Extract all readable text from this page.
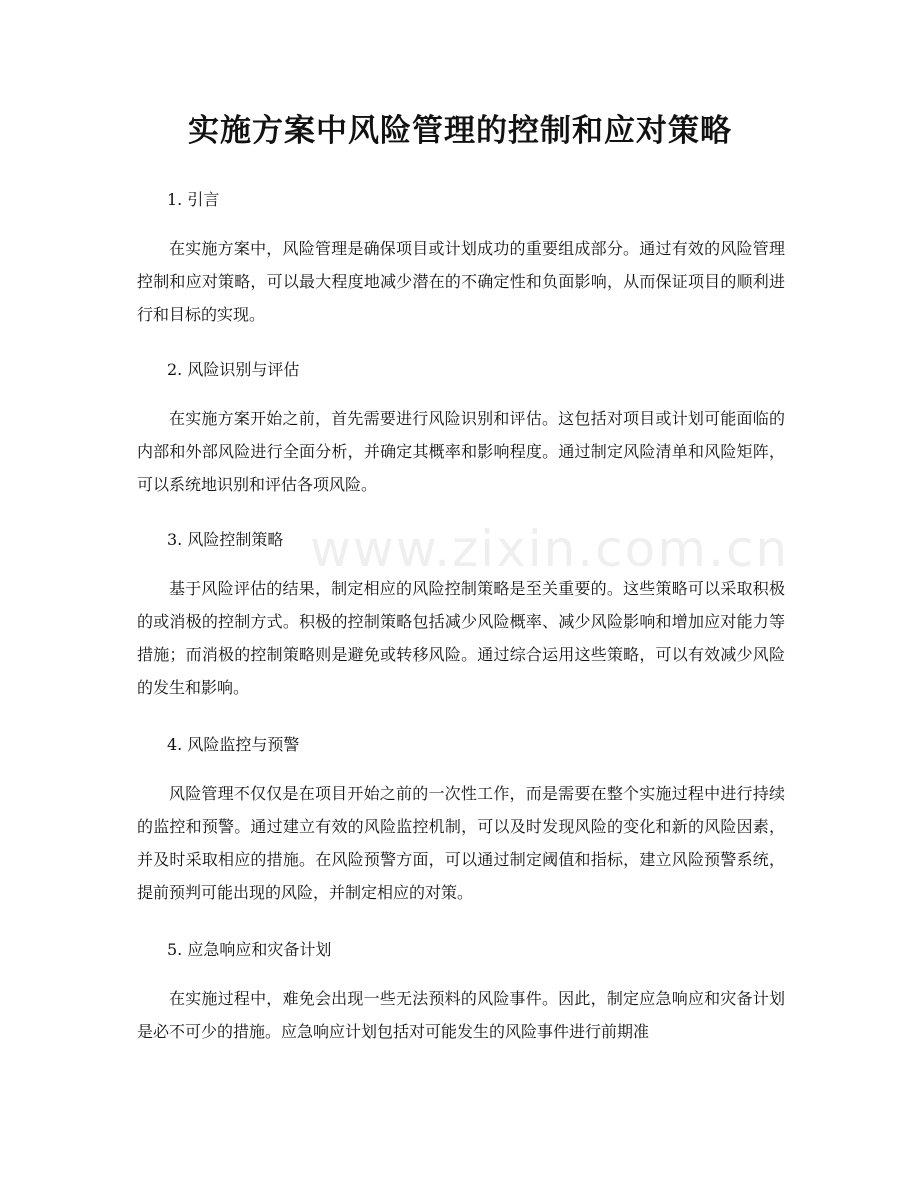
www.zixin.com.cn
实施方案中风险管理的控制和应对策略

1. 引言

在实施方案中，风险管理是确保项目或计划成功的重要组成部分。通过有效的风险管理控制和应对策略，可以最大程度地减少潜在的不确定性和负面影响，从而保证项目的顺利进行和目标的实现。

2. 风险识别与评估

在实施方案开始之前，首先需要进行风险识别和评估。这包括对项目或计划可能面临的内部和外部风险进行全面分析，并确定其概率和影响程度。通过制定风险清单和风险矩阵，可以系统地识别和评估各项风险。

3. 风险控制策略

基于风险评估的结果，制定相应的风险控制策略是至关重要的。这些策略可以采取积极的或消极的控制方式。积极的控制策略包括减少风险概率、减少风险影响和增加应对能力等措施；而消极的控制策略则是避免或转移风险。通过综合运用这些策略，可以有效减少风险的发生和影响。

4. 风险监控与预警

风险管理不仅仅是在项目开始之前的一次性工作，而是需要在整个实施过程中进行持续的监控和预警。通过建立有效的风险监控机制，可以及时发现风险的变化和新的风险因素，并及时采取相应的措施。在风险预警方面，可以通过制定阈值和指标，建立风险预警系统，提前预判可能出现的风险，并制定相应的对策。

5. 应急响应和灾备计划

在实施过程中，难免会出现一些无法预料的风险事件。因此，制定应急响应和灾备计划是必不可少的措施。应急响应计划包括对可能发生的风险事件进行前期准
